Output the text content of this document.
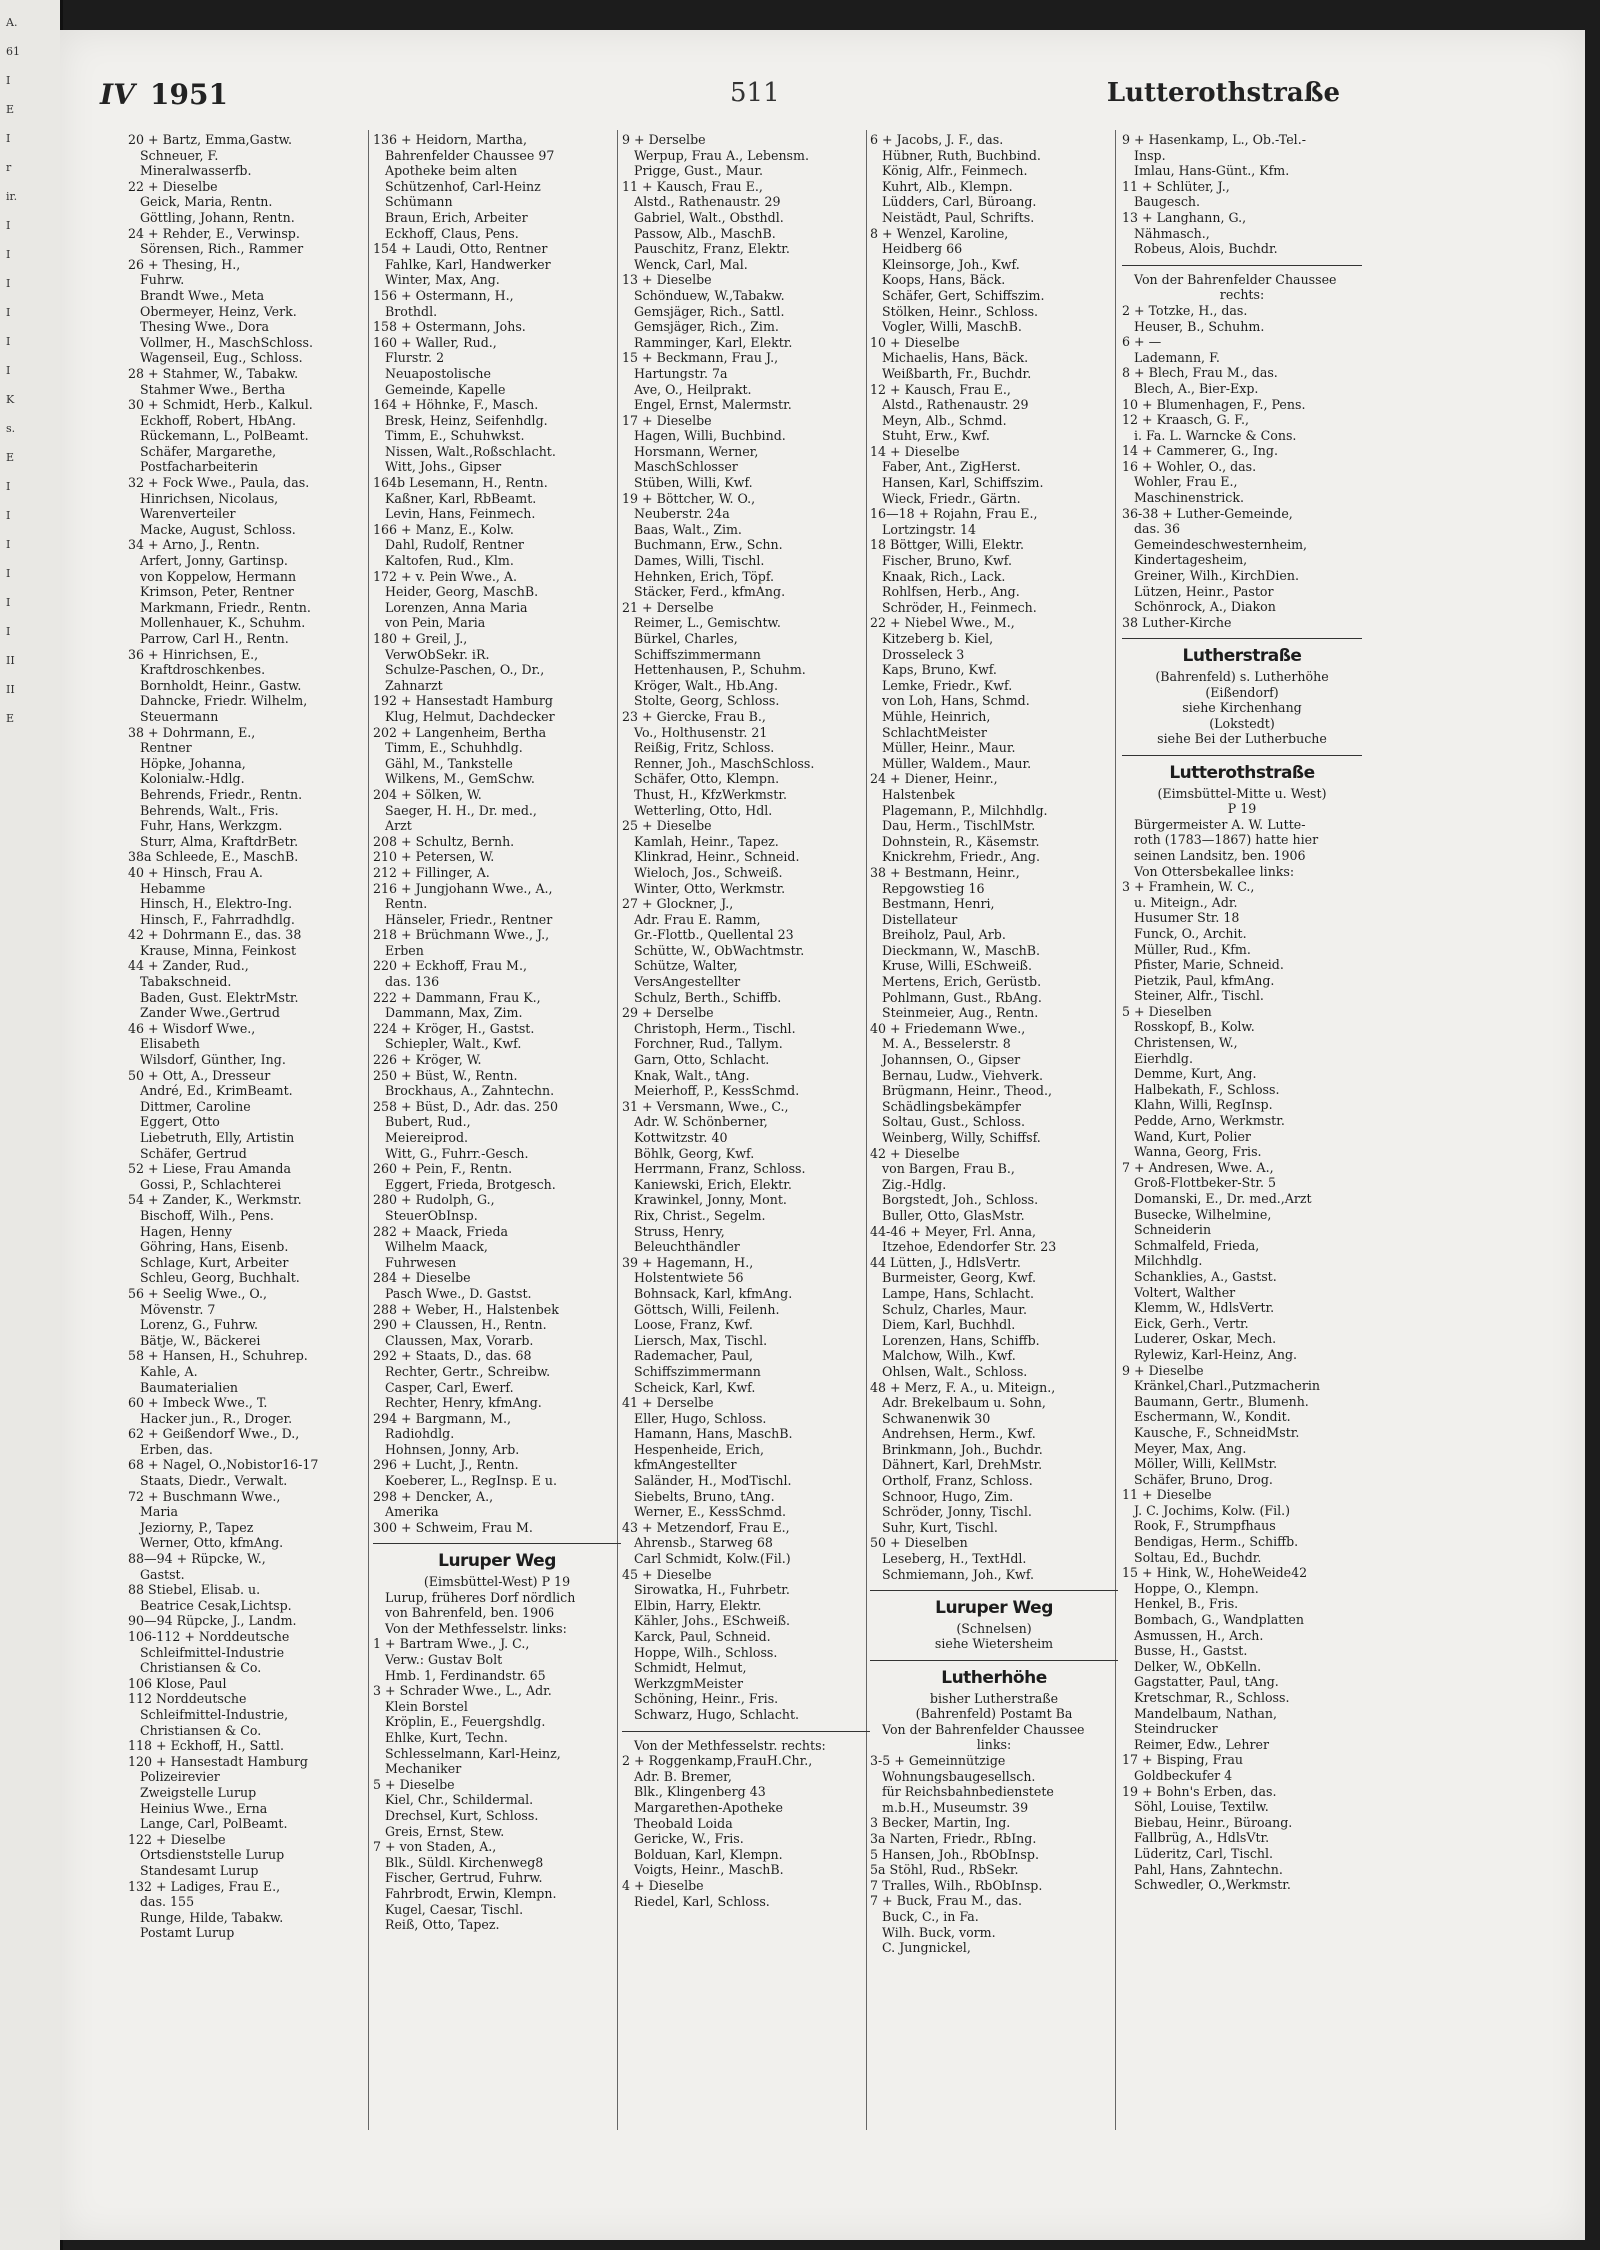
A.
61
I
E
I
r
ir.
I
I
I
I
I
I
K
s.
E
I
I
I
I
I
I
II
II
E
IV 1951	511	Lutterothstraße
20 + Bartz, Emma,Gastw.
Schneuer, F.
Mineralwasserfb.
22 + Dieselbe
Geick, Maria, Rentn.
Göttling, Johann, Rentn.
24 + Rehder, E., Verwinsp.
Sörensen, Rich., Rammer
26 + Thesing, H.,
Fuhrw.
Brandt Wwe., Meta
Obermeyer, Heinz, Verk.
Thesing Wwe., Dora
Vollmer, H., MaschSchloss.
Wagenseil, Eug., Schloss.
28 + Stahmer, W., Tabakw.
Stahmer Wwe., Bertha
30 + Schmidt, Herb., Kalkul.
Eckhoff, Robert, HbAng.
Rückemann, L., PolBeamt.
Schäfer, Margarethe,
Postfacharbeiterin
32 + Fock Wwe., Paula, das.
Hinrichsen, Nicolaus,
Warenverteiler
Macke, August, Schloss.
34 + Arno, J., Rentn.
Arfert, Jonny, Gartinsp.
von Koppelow, Hermann
Krimson, Peter, Rentner
Markmann, Friedr., Rentn.
Mollenhauer, K., Schuhm.
Parrow, Carl H., Rentn.
36 + Hinrichsen, E.,
Kraftdroschkenbes.
Bornholdt, Heinr., Gastw.
Dahncke, Friedr. Wilhelm,
Steuermann
38 + Dohrmann, E.,
Rentner
Höpke, Johanna,
Kolonialw.-Hdlg.
Behrends, Friedr., Rentn.
Behrends, Walt., Fris.
Fuhr, Hans, Werkzgm.
Sturr, Alma, KraftdrBetr.
38a Schleede, E., MaschB.
40 + Hinsch, Frau A.
Hebamme
Hinsch, H., Elektro-Ing.
Hinsch, F., Fahrradhdlg.
42 + Dohrmann E., das. 38
Krause, Minna, Feinkost
44 + Zander, Rud.,
Tabakschneid.
Baden, Gust. ElektrMstr.
Zander Wwe.,Gertrud
46 + Wisdorf Wwe.,
Elisabeth
Wilsdorf, Günther, Ing.
50 + Ott, A., Dresseur
André, Ed., KrimBeamt.
Dittmer, Caroline
Eggert, Otto
Liebetruth, Elly, Artistin
Schäfer, Gertrud
52 + Liese, Frau Amanda
Gossi, P., Schlachterei
54 + Zander, K., Werkmstr.
Bischoff, Wilh., Pens.
Hagen, Henny
Göhring, Hans, Eisenb.
Schlage, Kurt, Arbeiter
Schleu, Georg, Buchhalt.
56 + Seelig Wwe., O.,
Mövenstr. 7
Lorenz, G., Fuhrw.
Bätje, W., Bäckerei
58 + Hansen, H., Schuhrep.
Kahle, A.
Baumaterialien
60 + Imbeck Wwe., T.
Hacker jun., R., Droger.
62 + Geißendorf Wwe., D.,
Erben, das.
68 + Nagel, O.,Nobistor16-17
Staats, Diedr., Verwalt.
72 + Buschmann Wwe.,
Maria
Jeziorny, P., Tapez
Werner, Otto, kfmAng.
88—94 + Rüpcke, W.,
Gastst.
88 Stiebel, Elisab. u.
Beatrice Cesak,Lichtsp.
90—94 Rüpcke, J., Landm.
106-112 + Norddeutsche
Schleifmittel-Industrie
Christiansen & Co.
106 Klose, Paul
112 Norddeutsche
Schleifmittel-Industrie,
Christiansen & Co.
118 + Eckhoff, H., Sattl.
120 + Hansestadt Hamburg
Polizeirevier
Zweigstelle Lurup
Heinius Wwe., Erna
Lange, Carl, PolBeamt.
122 + Dieselbe
Ortsdienststelle Lurup
Standesamt Lurup
132 + Ladiges, Frau E.,
das. 155
Runge, Hilde, Tabakw.
Postamt Lurup
136 + Heidorn, Martha,
Bahrenfelder Chaussee 97
Apotheke beim alten
Schützenhof, Carl-Heinz
Schümann
Braun, Erich, Arbeiter
Eckhoff, Claus, Pens.
154 + Laudi, Otto, Rentner
Fahlke, Karl, Handwerker
Winter, Max, Ang.
156 + Ostermann, H.,
Brothdl.
158 + Ostermann, Johs.
160 + Waller, Rud.,
Flurstr. 2
Neuapostolische
Gemeinde, Kapelle
164 + Höhnke, F., Masch.
Bresk, Heinz, Seifenhdlg.
Timm, E., Schuhwkst.
Nissen, Walt.,Roßschlacht.
Witt, Johs., Gipser
164b Lesemann, H., Rentn.
Kaßner, Karl, RbBeamt.
Levin, Hans, Feinmech.
166 + Manz, E., Kolw.
Dahl, Rudolf, Rentner
Kaltofen, Rud., Klm.
172 + v. Pein Wwe., A.
Heider, Georg, MaschB.
Lorenzen, Anna Maria
von Pein, Maria
180 + Greil, J.,
VerwObSekr. iR.
Schulze-Paschen, O., Dr.,
Zahnarzt
192 + Hansestadt Hamburg
Klug, Helmut, Dachdecker
202 + Langenheim, Bertha
Timm, E., Schuhhdlg.
Gähl, M., Tankstelle
Wilkens, M., GemSchw.
204 + Sölken, W.
Saeger, H. H., Dr. med.,
Arzt
208 + Schultz, Bernh.
210 + Petersen, W.
212 + Fillinger, A.
216 + Jungjohann Wwe., A.,
Rentn.
Hänseler, Friedr., Rentner
218 + Brüchmann Wwe., J.,
Erben
220 + Eckhoff, Frau M.,
das. 136
222 + Dammann, Frau K.,
Dammann, Max, Zim.
224 + Kröger, H., Gastst.
Schiepler, Walt., Kwf.
226 + Kröger, W.
250 + Büst, W., Rentn.
Brockhaus, A., Zahntechn.
258 + Büst, D., Adr. das. 250
Bubert, Rud.,
Meiereiprod.
Witt, G., Fuhrr.-Gesch.
260 + Pein, F., Rentn.
Eggert, Frieda, Brotgesch.
280 + Rudolph, G.,
SteuerObInsp.
282 + Maack, Frieda
Wilhelm Maack,
Fuhrwesen
284 + Dieselbe
Pasch Wwe., D. Gastst.
288 + Weber, H., Halstenbek
290 + Claussen, H., Rentn.
Claussen, Max, Vorarb.
292 + Staats, D., das. 68
Rechter, Gertr., Schreibw.
Casper, Carl, Ewerf.
Rechter, Henry, kfmAng.
294 + Bargmann, M.,
Radiohdlg.
Hohnsen, Jonny, Arb.
296 + Lucht, J., Rentn.
Koeberer, L., RegInsp. E u.
298 + Dencker, A.,
Amerika
300 + Schweim, Frau M.
Luruper Weg
(Eimsbüttel-West) P 19
Lurup, früheres Dorf nördlich
von Bahrenfeld, ben. 1906
Von der Methfesselstr. links:
1 + Bartram Wwe., J. C.,
Verw.: Gustav Bolt
Hmb. 1, Ferdinandstr. 65
3 + Schrader Wwe., L., Adr.
Klein Borstel
Kröplin, E., Feuergshdlg.
Ehlke, Kurt, Techn.
Schlesselmann, Karl-Heinz,
Mechaniker
5 + Dieselbe
Kiel, Chr., Schildermal.
Drechsel, Kurt, Schloss.
Greis, Ernst, Stew.
7 + von Staden, A.,
Blk., Süldl. Kirchenweg8
Fischer, Gertrud, Fuhrw.
Fahrbrodt, Erwin, Klempn.
Kugel, Caesar, Tischl.
Reiß, Otto, Tapez.
9 + Derselbe
Werpup, Frau A., Lebensm.
Prigge, Gust., Maur.
11 + Kausch, Frau E.,
Alstd., Rathenaustr. 29
Gabriel, Walt., Obsthdl.
Passow, Alb., MaschB.
Pauschitz, Franz, Elektr.
Wenck, Carl, Mal.
13 + Dieselbe
Schönduew, W.,Tabakw.
Gemsjäger, Rich., Sattl.
Gemsjäger, Rich., Zim.
Ramminger, Karl, Elektr.
15 + Beckmann, Frau J.,
Hartungstr. 7a
Ave, O., Heilprakt.
Engel, Ernst, Malermstr.
17 + Dieselbe
Hagen, Willi, Buchbind.
Horsmann, Werner,
MaschSchlosser
Stüben, Willi, Kwf.
19 + Böttcher, W. O.,
Neuberstr. 24a
Baas, Walt., Zim.
Buchmann, Erw., Schn.
Dames, Willi, Tischl.
Hehnken, Erich, Töpf.
Stäcker, Ferd., kfmAng.
21 + Derselbe
Reimer, L., Gemischtw.
Bürkel, Charles,
Schiffszimmermann
Hettenhausen, P., Schuhm.
Kröger, Walt., Hb.Ang.
Stolte, Georg, Schloss.
23 + Giercke, Frau B.,
Vo., Holthusenstr. 21
Reißig, Fritz, Schloss.
Renner, Joh., MaschSchloss.
Schäfer, Otto, Klempn.
Thust, H., KfzWerkmstr.
Wetterling, Otto, Hdl.
25 + Dieselbe
Kamlah, Heinr., Tapez.
Klinkrad, Heinr., Schneid.
Wieloch, Jos., Schweiß.
Winter, Otto, Werkmstr.
27 + Glockner, J.,
Adr. Frau E. Ramm,
Gr.-Flottb., Quellental 23
Schütte, W., ObWachtmstr.
Schütze, Walter,
VersAngestellter
Schulz, Berth., Schiffb.
29 + Derselbe
Christoph, Herm., Tischl.
Forchner, Rud., Tallym.
Garn, Otto, Schlacht.
Knak, Walt., tAng.
Meierhoff, P., KessSchmd.
31 + Versmann, Wwe., C.,
Adr. W. Schönberner,
Kottwitzstr. 40
Böhlk, Georg, Kwf.
Herrmann, Franz, Schloss.
Kaniewski, Erich, Elektr.
Krawinkel, Jonny, Mont.
Rix, Christ., Segelm.
Struss, Henry,
Beleuchthändler
39 + Hagemann, H.,
Holstentwiete 56
Bohnsack, Karl, kfmAng.
Göttsch, Willi, Feilenh.
Loose, Franz, Kwf.
Liersch, Max, Tischl.
Rademacher, Paul,
Schiffszimmermann
Scheick, Karl, Kwf.
41 + Derselbe
Eller, Hugo, Schloss.
Hamann, Hans, MaschB.
Hespenheide, Erich,
kfmAngestellter
Saländer, H., ModTischl.
Siebelts, Bruno, tAng.
Werner, E., KessSchmd.
43 + Metzendorf, Frau E.,
Ahrensb., Starweg 68
Carl Schmidt, Kolw.(Fil.)
45 + Dieselbe
Sirowatka, H., Fuhrbetr.
Elbin, Harry, Elektr.
Kähler, Johs., ESchweiß.
Karck, Paul, Schneid.
Hoppe, Wilh., Schloss.
Schmidt, Helmut,
WerkzgmMeister
Schöning, Heinr., Fris.
Schwarz, Hugo, Schlacht.
Von der Methfesselstr. rechts:
2 + Roggenkamp,FrauH.Chr.,
Adr. B. Bremer,
Blk., Klingenberg 43
Margarethen-Apotheke
Theobald Loida
Gericke, W., Fris.
Bolduan, Karl, Klempn.
Voigts, Heinr., MaschB.
4 + Dieselbe
Riedel, Karl, Schloss.
6 + Jacobs, J. F., das.
Hübner, Ruth, Buchbind.
König, Alfr., Feinmech.
Kuhrt, Alb., Klempn.
Lüdders, Carl, Büroang.
Neistädt, Paul, Schrifts.
8 + Wenzel, Karoline,
Heidberg 66
Kleinsorge, Joh., Kwf.
Koops, Hans, Bäck.
Schäfer, Gert, Schiffszim.
Stölken, Heinr., Schloss.
Vogler, Willi, MaschB.
10 + Dieselbe
Michaelis, Hans, Bäck.
Weißbarth, Fr., Buchdr.
12 + Kausch, Frau E.,
Alstd., Rathenaustr. 29
Meyn, Alb., Schmd.
Stuht, Erw., Kwf.
14 + Dieselbe
Faber, Ant., ZigHerst.
Hansen, Karl, Schiffszim.
Wieck, Friedr., Gärtn.
16—18 + Rojahn, Frau E.,
Lortzingstr. 14
18 Böttger, Willi, Elektr.
Fischer, Bruno, Kwf.
Knaak, Rich., Lack.
Rohlfsen, Herb., Ang.
Schröder, H., Feinmech.
22 + Niebel Wwe., M.,
Kitzeberg b. Kiel,
Drosseleck 3
Kaps, Bruno, Kwf.
Lemke, Friedr., Kwf.
von Loh, Hans, Schmd.
Mühle, Heinrich,
SchlachtMeister
Müller, Heinr., Maur.
Müller, Waldem., Maur.
24 + Diener, Heinr.,
Halstenbek
Plagemann, P., Milchhdlg.
Dau, Herm., TischlMstr.
Dohnstein, R., Käsemstr.
Knickrehm, Friedr., Ang.
38 + Bestmann, Heinr.,
Repgowstieg 16
Bestmann, Henri,
Distellateur
Breiholz, Paul, Arb.
Dieckmann, W., MaschB.
Kruse, Willi, ESchweiß.
Mertens, Erich, Gerüstb.
Pohlmann, Gust., RbAng.
Steinmeier, Aug., Rentn.
40 + Friedemann Wwe.,
M. A., Besselerstr. 8
Johannsen, O., Gipser
Bernau, Ludw., Viehverk.
Brügmann, Heinr., Theod.,
Schädlingsbekämpfer
Soltau, Gust., Schloss.
Weinberg, Willy, Schiffsf.
42 + Dieselbe
von Bargen, Frau B.,
Zig.-Hdlg.
Borgstedt, Joh., Schloss.
Buller, Otto, GlasMstr.
44-46 + Meyer, Frl. Anna,
Itzehoe, Edendorfer Str. 23
44 Lütten, J., HdlsVertr.
Burmeister, Georg, Kwf.
Lampe, Hans, Schlacht.
Schulz, Charles, Maur.
Diem, Karl, Buchhdl.
Lorenzen, Hans, Schiffb.
Malchow, Wilh., Kwf.
Ohlsen, Walt., Schloss.
48 + Merz, F. A., u. Miteign.,
Adr. Brekelbaum u. Sohn,
Schwanenwik 30
Andrehsen, Herm., Kwf.
Brinkmann, Joh., Buchdr.
Dähnert, Karl, DrehMstr.
Ortholf, Franz, Schloss.
Schnoor, Hugo, Zim.
Schröder, Jonny, Tischl.
Suhr, Kurt, Tischl.
50 + Dieselben
Leseberg, H., TextHdl.
Schmiemann, Joh., Kwf.
Luruper Weg
(Schnelsen)
siehe Wietersheim
Lutherhöhe
bisher Lutherstraße
(Bahrenfeld) Postamt Ba
Von der Bahrenfelder Chaussee
links:
3-5 + Gemeinnützige
Wohnungsbaugesellsch.
für Reichsbahnbedienstete
m.b.H., Museumstr. 39
3 Becker, Martin, Ing.
3a Narten, Friedr., RbIng.
5 Hansen, Joh., RbObInsp.
5a Stöhl, Rud., RbSekr.
7 Tralles, Wilh., RbObInsp.
7 + Buck, Frau M., das.
Buck, C., in Fa.
Wilh. Buck, vorm.
C. Jungnickel,
9 + Hasenkamp, L., Ob.-Tel.-
Insp.
Imlau, Hans-Günt., Kfm.
11 + Schlüter, J.,
Baugesch.
13 + Langhann, G.,
Nähmasch.,
Robeus, Alois, Buchdr.
Von der Bahrenfelder Chaussee
rechts:
2 + Totzke, H., das.
Heuser, B., Schuhm.
6 + —
Lademann, F.
8 + Blech, Frau M., das.
Blech, A., Bier-Exp.
10 + Blumenhagen, F., Pens.
12 + Kraasch, G. F.,
i. Fa. L. Warncke & Cons.
14 + Cammerer, G., Ing.
16 + Wohler, O., das.
Wohler, Frau E.,
Maschinenstrick.
36-38 + Luther-Gemeinde,
das. 36
Gemeindeschwesternheim,
Kindertagesheim,
Greiner, Wilh., KirchDien.
Lützen, Heinr., Pastor
Schönrock, A., Diakon
38 Luther-Kirche
Lutherstraße
(Bahrenfeld) s. Lutherhöhe
(Eißendorf)
siehe Kirchenhang
(Lokstedt)
siehe Bei der Lutherbuche
Lutterothstraße
(Eimsbüttel-Mitte u. West)
P 19
Bürgermeister A. W. Lutte-
roth (1783—1867) hatte hier
seinen Landsitz, ben. 1906
Von Ottersbekallee links:
3 + Framhein, W. C.,
u. Miteign., Adr.
Husumer Str. 18
Funck, O., Archit.
Müller, Rud., Kfm.
Pfister, Marie, Schneid.
Pietzik, Paul, kfmAng.
Steiner, Alfr., Tischl.
5 + Dieselben
Rosskopf, B., Kolw.
Christensen, W.,
Eierhdlg.
Demme, Kurt, Ang.
Halbekath, F., Schloss.
Klahn, Willi, RegInsp.
Pedde, Arno, Werkmstr.
Wand, Kurt, Polier
Wanna, Georg, Fris.
7 + Andresen, Wwe. A.,
Groß-Flottbeker-Str. 5
Domanski, E., Dr. med.,Arzt
Busecke, Wilhelmine,
Schneiderin
Schmalfeld, Frieda,
Milchhdlg.
Schanklies, A., Gastst.
Voltert, Walther
Klemm, W., HdlsVertr.
Eick, Gerh., Vertr.
Luderer, Oskar, Mech.
Rylewiz, Karl-Heinz, Ang.
9 + Dieselbe
Kränkel,Charl.,Putzmacherin
Baumann, Gertr., Blumenh.
Eschermann, W., Kondit.
Kausche, F., SchneidMstr.
Meyer, Max, Ang.
Möller, Willi, KellMstr.
Schäfer, Bruno, Drog.
11 + Dieselbe
J. C. Jochims, Kolw. (Fil.)
Rook, F., Strumpfhaus
Bendigas, Herm., Schiffb.
Soltau, Ed., Buchdr.
15 + Hink, W., HoheWeide42
Hoppe, O., Klempn.
Henkel, B., Fris.
Bombach, G., Wandplatten
Asmussen, H., Arch.
Busse, H., Gastst.
Delker, W., ObKelln.
Gagstatter, Paul, tAng.
Kretschmar, R., Schloss.
Mandelbaum, Nathan,
Steindrucker
Reimer, Edw., Lehrer
17 + Bisping, Frau
Goldbeckufer 4
19 + Bohn's Erben, das.
Söhl, Louise, Textilw.
Biebau, Heinr., Büroang.
Fallbrüg, A., HdlsVtr.
Lüderitz, Carl, Tischl.
Pahl, Hans, Zahntechn.
Schwedler, O.,Werkmstr.
